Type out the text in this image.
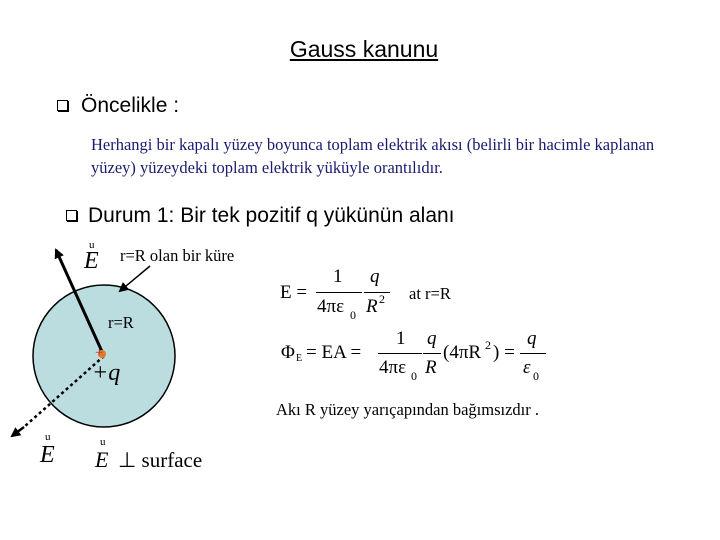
Gauss kanunu
Öncelikle :
Herhangi bir kapalı yüzey boyunca toplam elektrik akısı (belirli bir hacimle kaplanan yüzey) yüzeydeki toplam elektrik yüküyle orantılıdır.
Durum 1: Bir tek pozitif q yükünün alanı
u
E r=R olan bir küre
r=R
+
+q
u
E	u
E ⊥ surface
E =
1
4πε 0
q
R 2 at r=R
Φ E = EA =
1
4πε 0
q
R
(4πR 2 ) =
q
ε 0
Akı R yüzey yarıçapından bağımsızdır .
